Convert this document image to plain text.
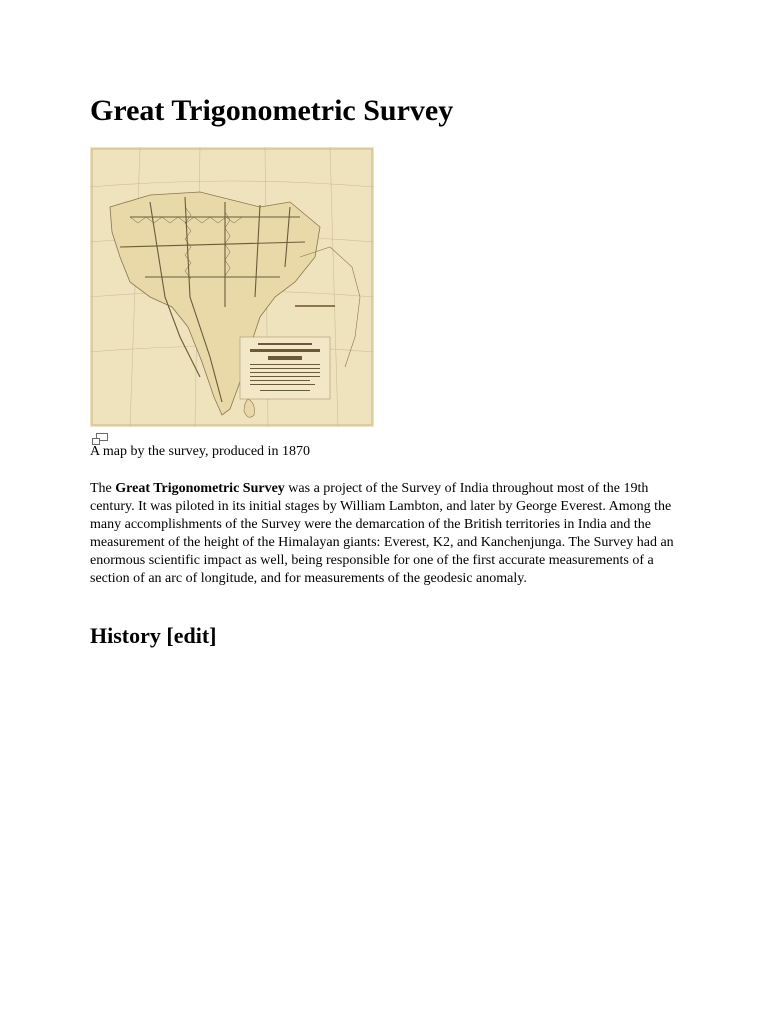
Great Trigonometric Survey
A map by the survey, produced in 1870

The Great Trigonometric Survey was a project of the Survey of India throughout most of the 19th century. It was piloted in its initial stages by William Lambton, and later by George Everest. Among the many accomplishments of the Survey were the demarcation of the British territories in India and the measurement of the height of the Himalayan giants: Everest, K2, and Kanchenjunga. The Survey had an enormous scientific impact as well, being responsible for one of the first accurate measurements of a section of an arc of longitude, and for measurements of the geodesic anomaly.

History [edit]
